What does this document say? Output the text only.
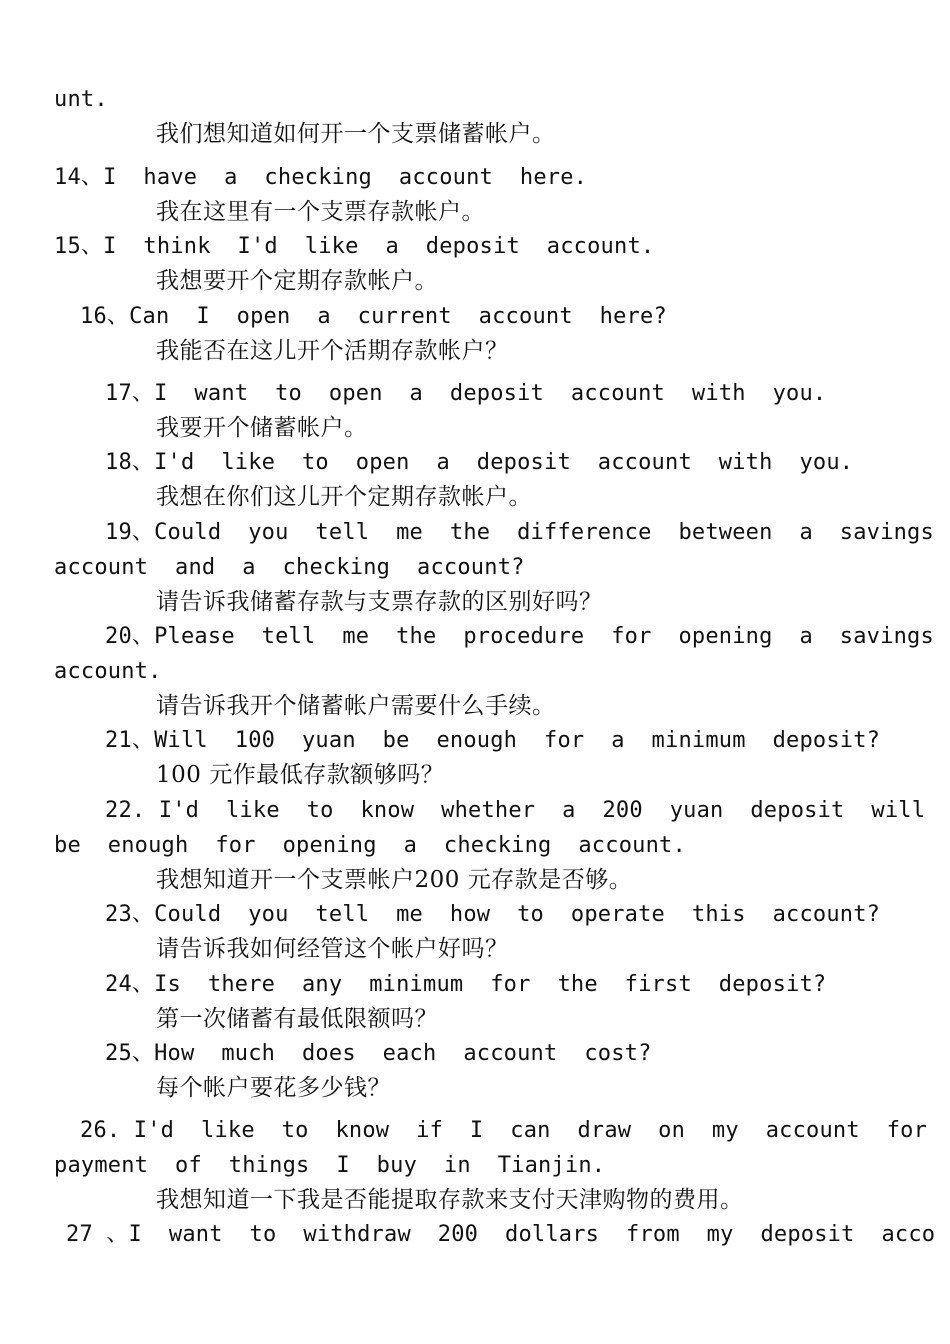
unt.
我们想知道如何开一个支票储蓄帐户。
14、I  have  a  checking  account  here.
我在这里有一个支票存款帐户。
15、I  think  I'd  like  a  deposit  account.
我想要开个定期存款帐户。
16、Can  I  open  a  current  account  here?
我能否在这儿开个活期存款帐户？
17、I  want  to  open  a  deposit  account  with  you.
我要开个储蓄帐户。
18、I'd  like  to  open  a  deposit  account  with  you.
我想在你们这儿开个定期存款帐户。
19、Could  you  tell  me  the  difference  between  a  savings
account  and  a  checking  account?
请告诉我储蓄存款与支票存款的区别好吗？
20、Please  tell  me  the  procedure  for  opening  a  savings
account.
请告诉我开个储蓄帐户需要什么手续。
21、Will  100  yuan  be  enough  for  a  minimum  deposit?
100 元作最低存款额够吗？
22. I'd  like  to  know  whether  a  200  yuan  deposit  will
be  enough  for  opening  a  checking  account.
我想知道开一个支票帐户200 元存款是否够。
23、Could  you  tell  me  how  to  operate  this  account?
请告诉我如何经管这个帐户好吗？
24、Is  there  any  minimum  for  the  first  deposit?
第一次储蓄有最低限额吗？
25、How  much  does  each  account  cost?
每个帐户要花多少钱？
26. I'd  like  to  know  if  I  can  draw  on  my  account  for
payment  of  things  I  buy  in  Tianjin.
我想知道一下我是否能提取存款来支付天津购物的费用。
27 、I  want  to  withdraw  200  dollars  from  my  deposit  acco
